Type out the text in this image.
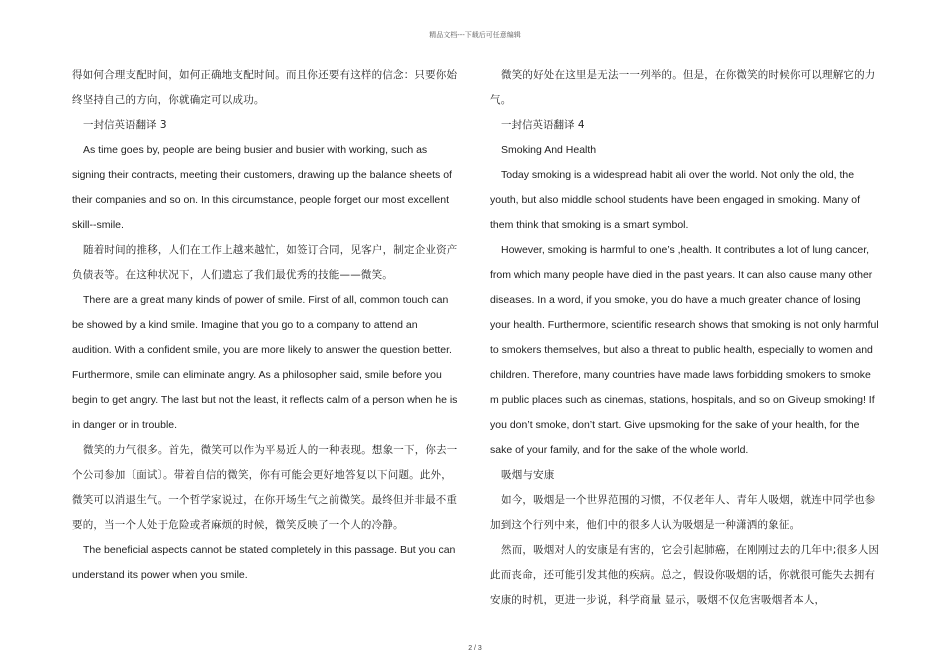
精品文档---下载后可任意编辑

得如何合理支配时间，如何正确地支配时间。而且你还要有这样的信念：只要你始终坚持自己的方向，你就确定可以成功。

一封信英语翻译 3

As time goes by, people are being busier and busier with working, such as signing their contracts, meeting their customers, drawing up the balance sheets of their companies and so on. In this circumstance, people forget our most excellent skill--smile.

随着时间的推移，人们在工作上越来越忙，如签订合同，见客户，制定企业资产负债表等。在这种状况下，人们遗忘了我们最优秀的技能——微笑。

There are a great many kinds of power of smile. First of all, common touch can be showed by a kind smile. Imagine that you go to a company to attend an audition. With a confident smile, you are more likely to answer the question better. Furthermore, smile can eliminate angry. As a philosopher said, smile before you begin to get angry. The last but not the least, it reflects calm of a person when he is in danger or in trouble.

微笑的力气很多。首先，微笑可以作为平易近人的一种表现。想象一下，你去一个公司参加〔面试〕。带着自信的微笑，你有可能会更好地答复以下问题。此外，微笑可以消退生气。一个哲学家说过，在你开场生气之前微笑。最终但并非最不重要的，当一个人处于危险或者麻烦的时候，微笑反映了一个人的冷静。

The beneficial aspects cannot be stated completely in this passage. But you can understand its power when you smile.

微笑的好处在这里是无法一一列举的。但是，在你微笑的时候你可以理解它的力气。

一封信英语翻译 4

Smoking And Health

Today smoking is a widespread habit ali over the world. Not only the old, the youth, but also middle school students have been engaged in smoking. Many of them think that smoking is a smart symbol.

However, smoking is harmful to one’s ,health. It contributes a lot of lung cancer, from which many people have died in the past years. It can also cause many other diseases. In a word, if you smoke, you do have a much greater chance of losing your health. Furthermore, scientific research shows that smoking is not only harmful to smokers themselves, but also a threat to public health, especially to women and children. Therefore, many countries have made laws forbidding smokers to smoke m public places such as cinemas, stations, hospitals, and so on Giveup smoking! If you don’t smoke, don’t start. Give upsmoking for the sake of your health, for the sake of your family, and for the sake of the whole world.

吸烟与安康

如今，吸烟是一个世界范围的习惯，不仅老年人、青年人吸烟，就连中同学也参加到这个行列中来，他们中的很多人认为吸烟是一种潇洒的象征。

然而，吸烟对人的安康是有害的，它会引起肺癌，在刚刚过去的几年中;很多人因此而丧命，还可能引发其他的疾病。总之，假设你吸烟的话，你就很可能失去拥有安康的时机，更进一步说，科学商量 显示，吸烟不仅危害吸烟者本人，

2 / 3
